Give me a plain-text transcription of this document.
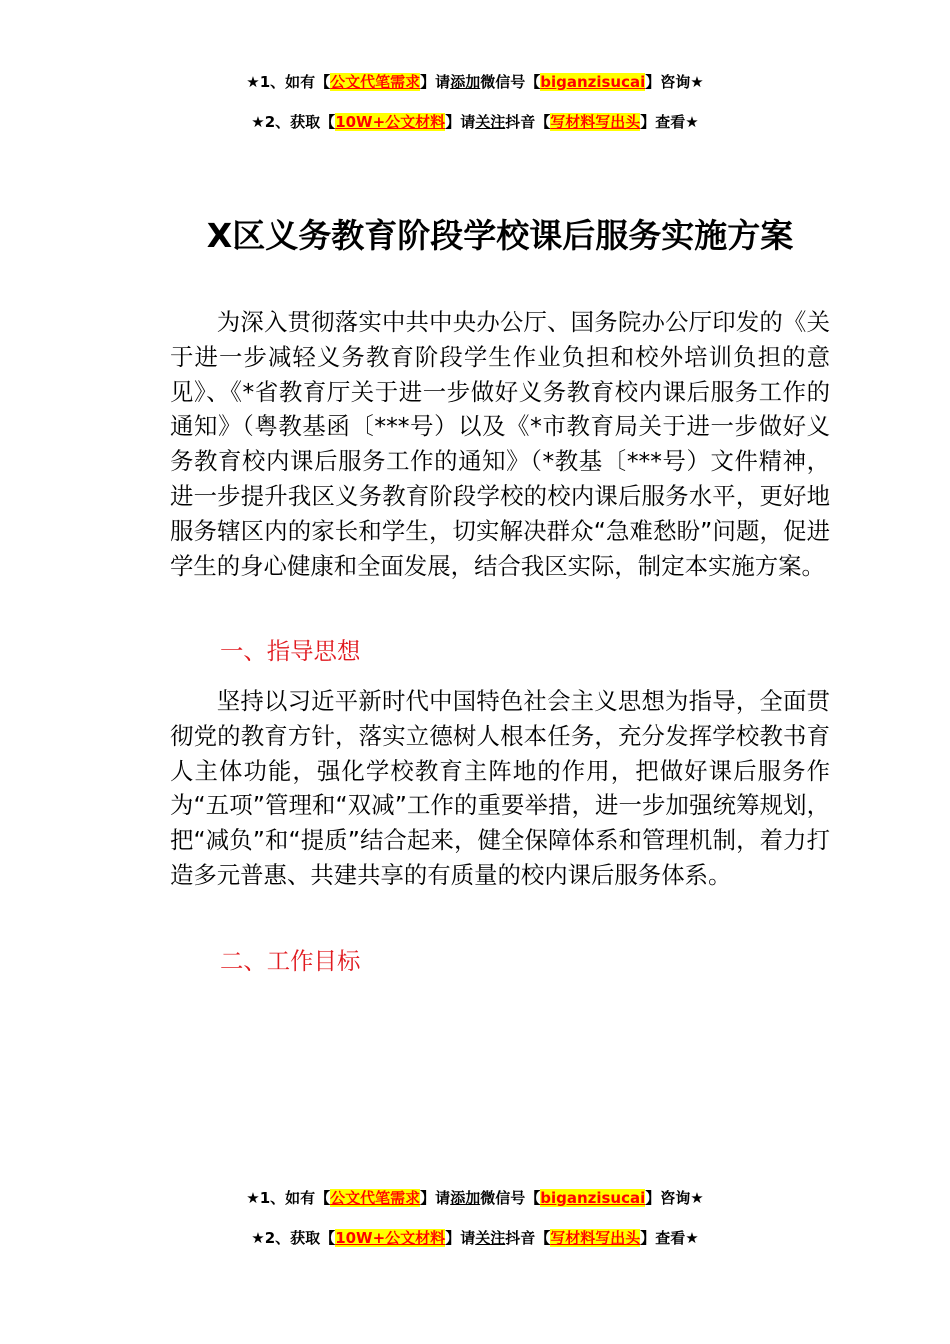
★1、如有【公文代笔需求】请添加微信号【biganzisucai】咨询★
★2、获取【10W+公文材料】请关注抖音【写材料写出头】查看★
X区义务教育阶段学校课后服务实施方案

为深入贯彻落实中共中央办公厅、国务院办公厅印发的《关于进一步减轻义务教育阶段学生作业负担和校外培训负担的意见》、《*省教育厅关于进一步做好义务教育校内课后服务工作的通知》（粤教基函〔***号）以及《*市教育局关于进一步做好义务教育校内课后服务工作的通知》（*教基〔***号）文件精神，进一步提升我区义务教育阶段学校的校内课后服务水平，更好地服务辖区内的家长和学生，切实解决群众“急难愁盼”问题，促进学生的身心健康和全面发展，结合我区实际，制定本实施方案。

一、指导思想

坚持以习近平新时代中国特色社会主义思想为指导，全面贯彻党的教育方针，落实立德树人根本任务，充分发挥学校教书育人主体功能，强化学校教育主阵地的作用，把做好课后服务作为“五项”管理和“双减”工作的重要举措，进一步加强统筹规划，把“减负”和“提质”结合起来，健全保障体系和管理机制，着力打造多元普惠、共建共享的有质量的校内课后服务体系。

二、工作目标

★1、如有【公文代笔需求】请添加微信号【biganzisucai】咨询★
★2、获取【10W+公文材料】请关注抖音【写材料写出头】查看★
